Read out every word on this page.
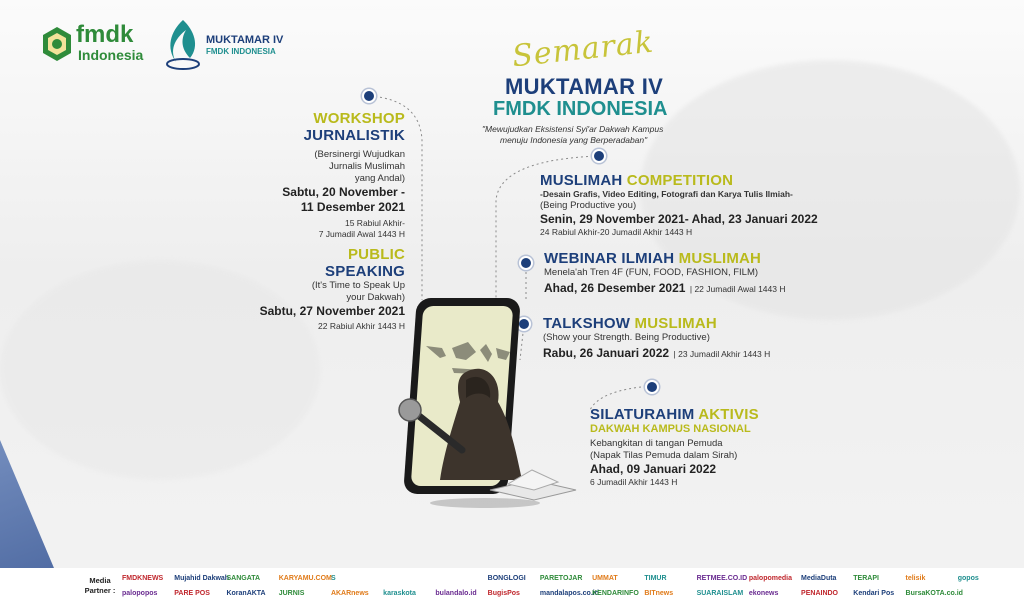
fmdk
Indonesia
MUKTAMAR IV
FMDK INDONESIA	Semarak
MUKTAMAR IV
FMDK INDONESIA
"Mewujudkan Eksistensi Syi'ar Dakwah Kampus
menuju Indonesia yang Berperadaban"
WORKSHOP
JURNALISTIK
(Bersinergi Wujudkan
Jurnalis Muslimah
yang Andal)
Sabtu, 20 November -
11 Desember 2021
15 Rabiul Akhir-
7 Jumadil Awal 1443 H
PUBLIC
SPEAKING
(It's Time to Speak Up
your Dakwah)
Sabtu, 27 November 2021
22 Rabiul Akhir 1443 H
MUSLIMAH COMPETITION
-Desain Grafis, Video Editing, Fotografi dan Karya Tulis Ilmiah-
(Being Productive you)
Senin, 29 November 2021- Ahad, 23 Januari 2022
24 Rabiul Akhir-20 Jumadil Akhir 1443 H
WEBINAR ILMIAH MUSLIMAH
Menela'ah Tren 4F (FUN, FOOD, FASHION, FILM)
Ahad, 26 Desember 2021 | 22 Jumadil Awal 1443 H
TALKSHOW MUSLIMAH
(Show your Strength. Being Productive)
Rabu, 26 Januari 2022 | 23 Jumadil Akhir 1443 H
SILATURAHIM AKTIVIS
DAKWAH KAMPUS NASIONAL
Kebangkitan di tangan Pemuda
(Napak Tilas Pemuda dalam Sirah)
Ahad, 09 Januari 2022
6 Jumadil Akhir 1443 H
Media
Partner :
FMDKNEWS Mujahid Dakwah
SANGATA	KARYAMU.COM S	BONGLOGI PARETOJAR UMMAT	TIMUR	RETMEE.CO.ID palopomedia MediaDuta TERAPI	telisik	gopos
palopopos PARE POS KoranAKTA JURNIS	AKARnews karaskota	bulandalo.id BugisPos	mandalapos.co.id
KENDARINFO BITnews	SUARAISLAM ekonews	PENAINDO Kendari Pos BursaKOTA.co.id
